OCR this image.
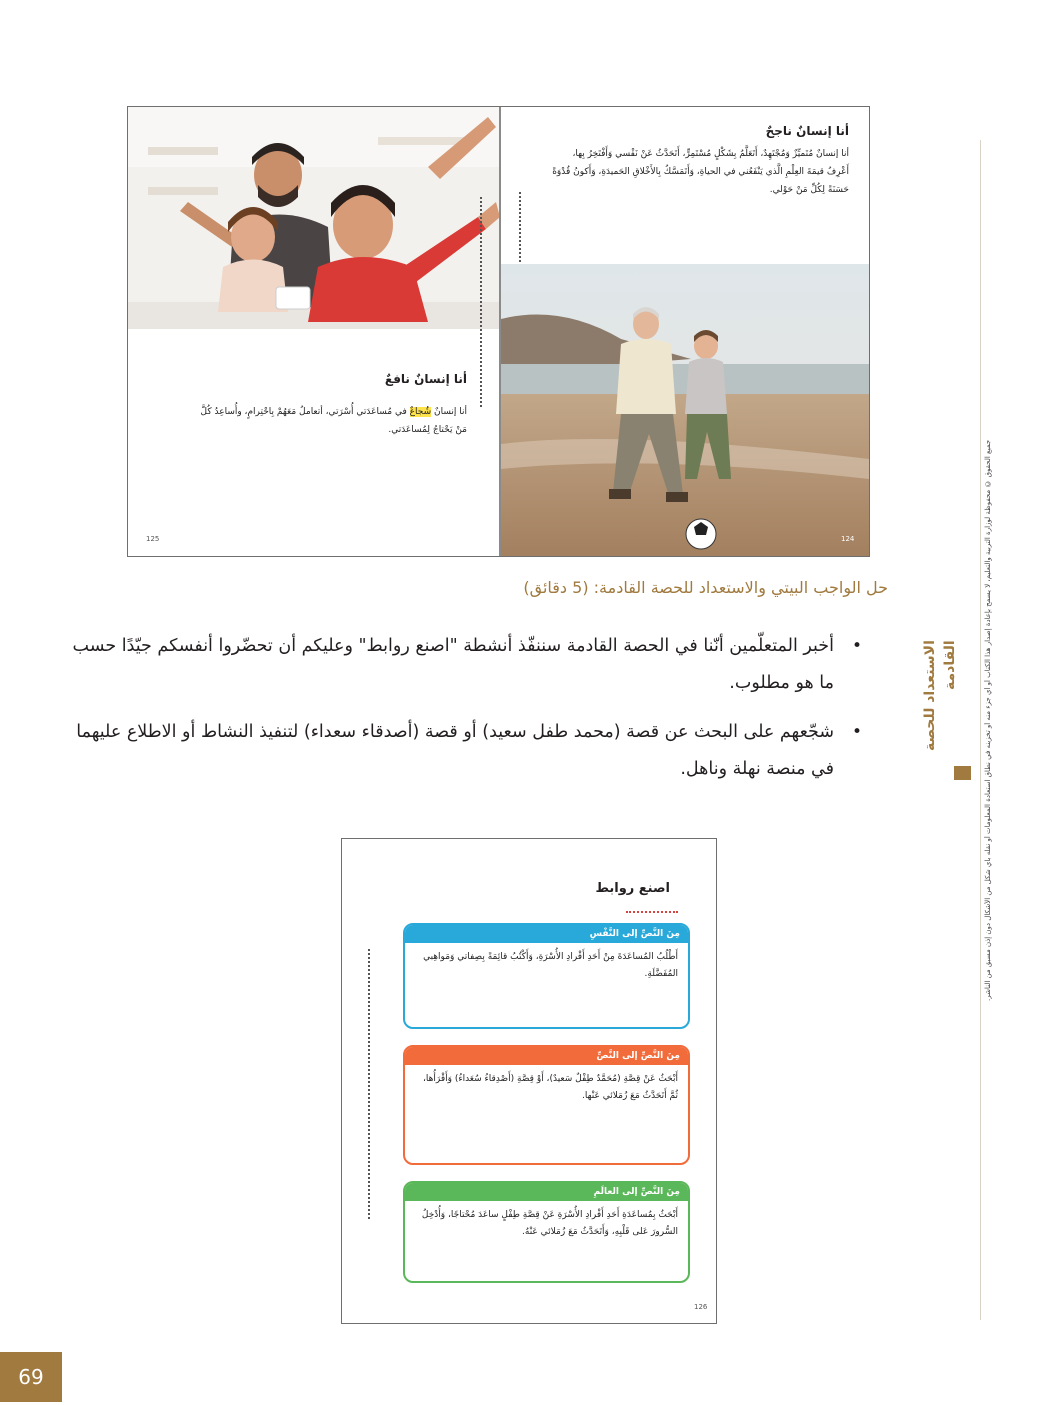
أنا إنسانٌ نافعٌ
أنا إنسانٌ شُجاعٌ في مُساعَدَتي أُسْرَتي، أتعاملُ مَعَهُمْ بِاحْتِرامٍ، وأُساعِدُ كُلَّ مَنْ يَحْتاجُ لِمُساعَدَتي.
125
أنا إنسانٌ ناجحٌ
أنا إنسانٌ مُتَميِّزٌ وَمُجْتَهِدٌ، أَتَعَلَّمُ بِشَكْلٍ مُسْتَمِرٍّ، أَتَحَدَّثُ عَنْ نَفْسي وَأَفْتَخِرُ بِها، أَعْرِفُ قيمَةَ العِلْمِ الَّذي يَنْفَعُني في الحياةِ، وَأَتَمَسَّكُ بِالأَخْلاقِ الحَميدَةِ، وَأَكونُ قُدْوَةً حَسَنَةً لِكُلِّ مَنْ حَوْلي.
124
حل الواجب البيتي والاستعداد للحصة القادمة: (5 دقائق)
•
أخبر المتعلّمين أنّنا في الحصة القادمة سننفّذ أنشطة "اصنع روابط" وعليكم أن تحضّروا أنفسكم جيّدًا حسب ما هو مطلوب.
•
شجّعهم على البحث عن قصة (محمد طفل سعيد) أو قصة (أصدقاء سعداء) لتنفيذ النشاط أو الاطلاع عليهما في منصة نهلة وناهل.
الاستعداد للحصة القادمة	جميع الحقوق © محفوظة لوزارة التربية والتعليم، لا يسمح بإعادة إصدار هذا الكتاب أو أي جزء منه أو تخزينه في نطاق استعادة المعلومات أو نقله بأي شكل من الأشكال دون إذن مسبق من الناشر.
اصنع روابط
مِنَ النَّصِّ إلى النَّفْسِ
أَطْلُبُ المُساعَدَةَ مِنْ أَحَدِ أَفْرادِ الأُسْرَةِ، وَأَكْتُبُ قائِمَةً بِصِفاتي وَمَواهِبي المُفَضَّلَةِ.
مِنَ النَّصِّ إلى النَّصِّ
أَبْحَثُ عَنْ قِصَّةِ (مُحَمَّدٌ طِفْلٌ سَعيدٌ)، أَوْ قِصَّةِ (أَصْدِقاءُ سُعَداءُ) وَأَقْرَأُها، ثُمَّ أَتَحَدَّثُ مَعَ زُمَلائي عَنْها.
مِنَ النَّصِّ إلى العالَمِ
أَبْحَثُ بِمُساعَدَةِ أَحَدِ أَفْرادِ الأُسْرَةِ عَنْ قِصَّةِ طِفْلٍ ساعَدَ مُحْتاجًا، وَأُدْخِلُ السُّرورَ عَلى قَلْبِهِ، وَأَتَحَدَّثُ مَعَ زُمَلائي عَنْهُ.
126
69
